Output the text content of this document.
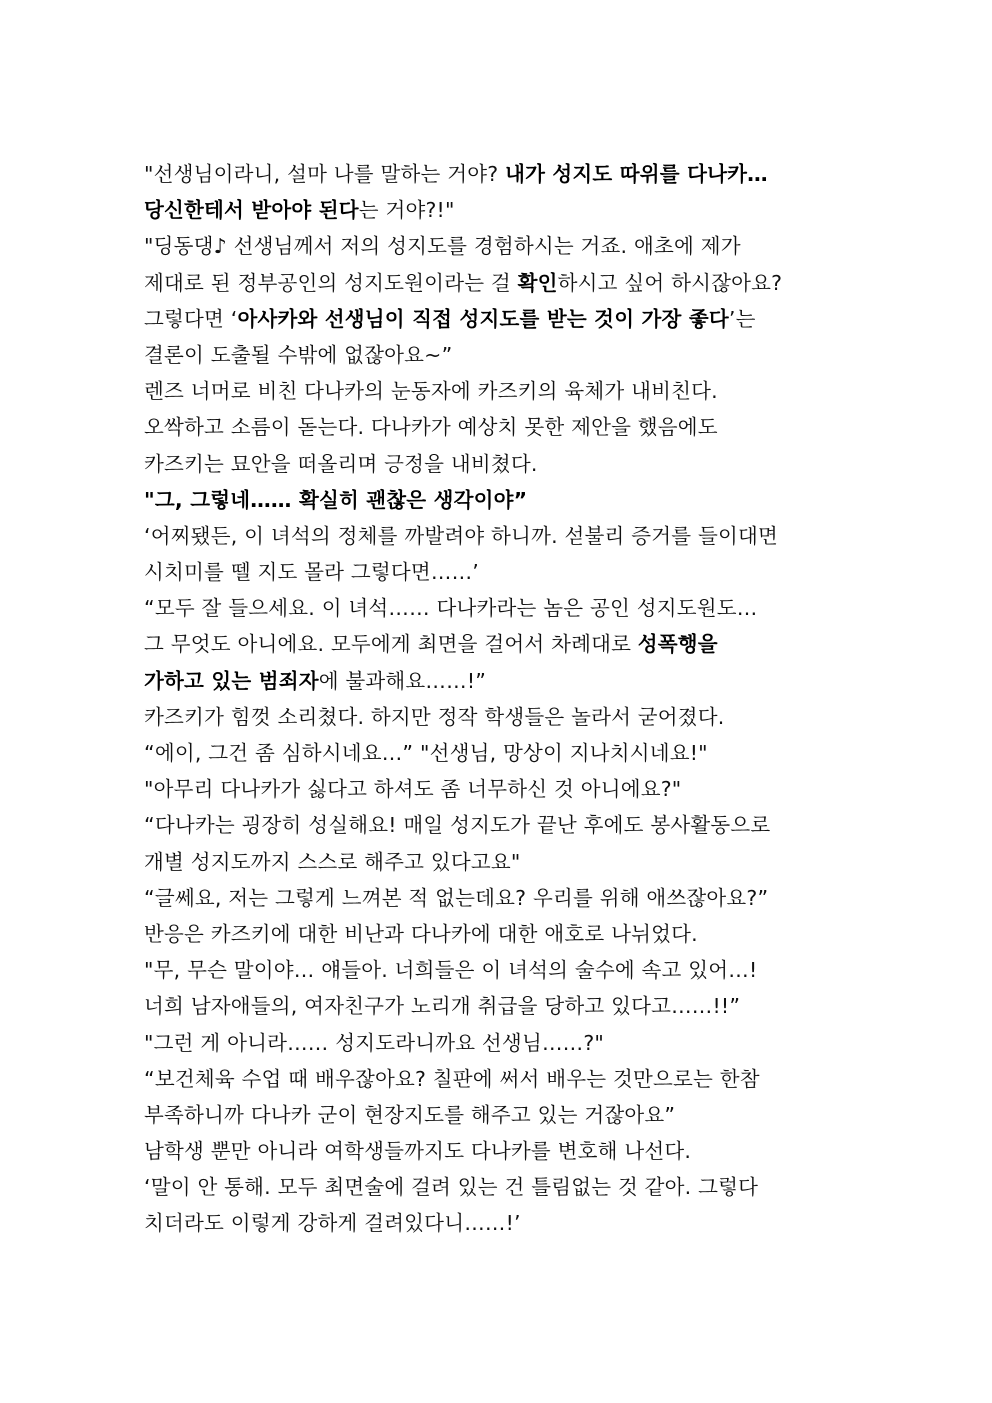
"선생님이라니, 설마 나를 말하는 거야? 내가 성지도 따위를 다나카…
당신한테서 받아야 된다는 거야?!"
"딩동댕♪ 선생님께서 저의 성지도를 경험하시는 거죠. 애초에 제가
제대로 된 정부공인의 성지도원이라는 걸 확인하시고 싶어 하시잖아요?
그렇다면 ‘아사카와 선생님이 직접 성지도를 받는 것이 가장 좋다’는
결론이 도출될 수밖에 없잖아요~”
렌즈 너머로 비친 다나카의 눈동자에 카즈키의 육체가 내비친다.
오싹하고 소름이 돋는다. 다나카가 예상치 못한 제안을 했음에도
카즈키는 묘안을 떠올리며 긍정을 내비쳤다.
"그, 그렇네…… 확실히 괜찮은 생각이야”
‘어찌됐든, 이 녀석의 정체를 까발려야 하니까. 섣불리 증거를 들이대면
시치미를 뗄 지도 몰라 그렇다면……’
“모두 잘 들으세요. 이 녀석…… 다나카라는 놈은 공인 성지도원도…
그 무엇도 아니에요. 모두에게 최면을 걸어서 차례대로 성폭행을
가하고 있는 범죄자에 불과해요……!”
카즈키가 힘껏 소리쳤다. 하지만 정작 학생들은 놀라서 굳어졌다.
“에이, 그건 좀 심하시네요…” "선생님, 망상이 지나치시네요!"
"아무리 다나카가 싫다고 하셔도 좀 너무하신 것 아니에요?"
“다나카는 굉장히 성실해요! 매일 성지도가 끝난 후에도 봉사활동으로
개별 성지도까지 스스로 해주고 있다고요"
“글쎄요, 저는 그렇게 느껴본 적 없는데요? 우리를 위해 애쓰잖아요?”
반응은 카즈키에 대한 비난과 다나카에 대한 애호로 나뉘었다.
"무, 무슨 말이야… 얘들아. 너희들은 이 녀석의 술수에 속고 있어…!
너희 남자애들의, 여자친구가 노리개 취급을 당하고 있다고……!!”
"그런 게 아니라…… 성지도라니까요 선생님……?"
“보건체육 수업 때 배우잖아요? 칠판에 써서 배우는 것만으로는 한참
부족하니까 다나카 군이 현장지도를 해주고 있는 거잖아요”
남학생 뿐만 아니라 여학생들까지도 다나카를 변호해 나선다.
‘말이 안 통해. 모두 최면술에 걸려 있는 건 틀림없는 것 같아. 그렇다
치더라도 이렇게 강하게 걸려있다니……!’
